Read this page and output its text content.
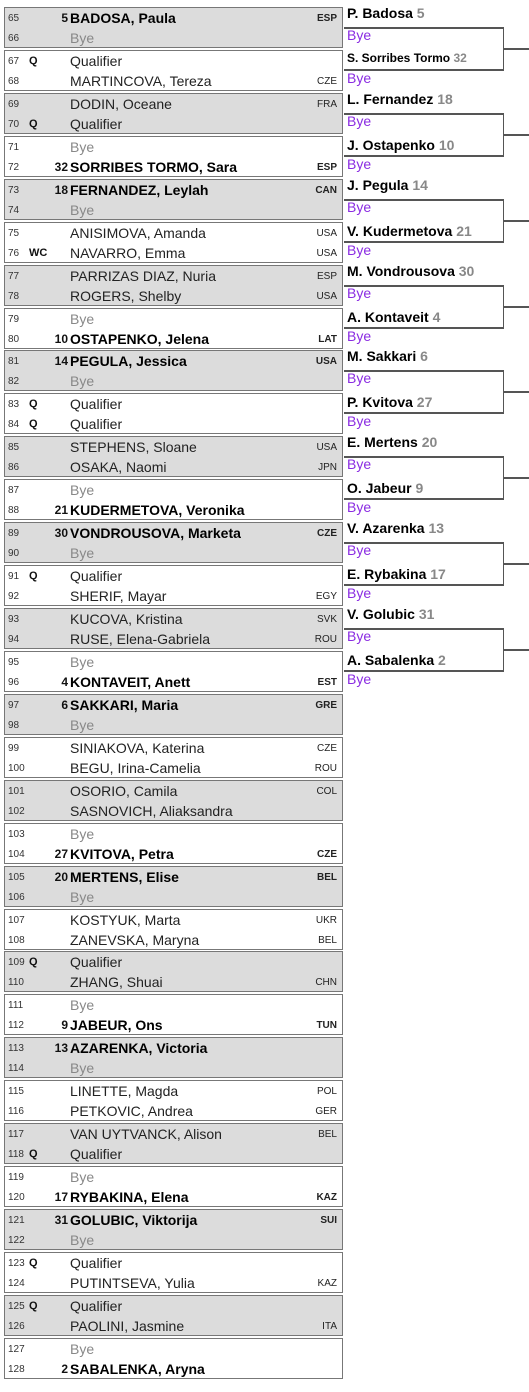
65	5 BADOSA, Paula	ESP
66	Bye
67 Q Qualifier
68	MARTINCOVA, Tereza	CZE
69	DODIN, Oceane	FRA
70 Q Qualifier
71	Bye
72	32 SORRIBES TORMO, Sara	ESP
73	18 FERNANDEZ, Leylah	CAN
74	Bye
75	ANISIMOVA, Amanda	USA
76 WC NAVARRO, Emma	USA
77	PARRIZAS DIAZ, Nuria	ESP
78	ROGERS, Shelby	USA
79	Bye
80	10 OSTAPENKO, Jelena	LAT
81	14 PEGULA, Jessica	USA
82	Bye
83 Q Qualifier
84 Q Qualifier
85	STEPHENS, Sloane	USA
86	OSAKA, Naomi	JPN
87	Bye
88	21 KUDERMETOVA, Veronika
89	30 VONDROUSOVA, Marketa	CZE
90	Bye
91 Q Qualifier
92	SHERIF, Mayar	EGY
93	KUCOVA, Kristina	SVK
94	RUSE, Elena-Gabriela	ROU
95	Bye
96	4 KONTAVEIT, Anett	EST
97	6 SAKKARI, Maria	GRE
98	Bye
99	SINIAKOVA, Katerina	CZE
100	BEGU, Irina-Camelia	ROU
101	OSORIO, Camila	COL
102	SASNOVICH, Aliaksandra
103	Bye
104	27 KVITOVA, Petra	CZE
105	20 MERTENS, Elise	BEL
106	Bye
107	KOSTYUK, Marta	UKR
108	ZANEVSKA, Maryna	BEL
109 Q Qualifier
110	ZHANG, Shuai	CHN
111	Bye
112	9 JABEUR, Ons	TUN
113	13 AZARENKA, Victoria
114	Bye
115	LINETTE, Magda	POL
116	PETKOVIC, Andrea	GER
117	VAN UYTVANCK, Alison	BEL
118 Q Qualifier
119	Bye
120	17 RYBAKINA, Elena	KAZ
121	31 GOLUBIC, Viktorija	SUI
122	Bye
123 Q Qualifier
124	PUTINTSEVA, Yulia	KAZ
125 Q Qualifier
126	PAOLINI, Jasmine	ITA
127	Bye
128	2 SABALENKA, Aryna
P. Badosa 5
Bye
S. Sorribes Tormo 32
Bye
L. Fernandez 18
Bye
J. Ostapenko 10
Bye
J. Pegula 14
Bye
V. Kudermetova 21
Bye
M. Vondrousova 30
Bye
A. Kontaveit 4
Bye
M. Sakkari 6
Bye
P. Kvitova 27
Bye
E. Mertens 20
Bye
O. Jabeur 9
Bye
V. Azarenka 13
Bye
E. Rybakina 17
Bye
V. Golubic 31
Bye
A. Sabalenka 2
Bye
